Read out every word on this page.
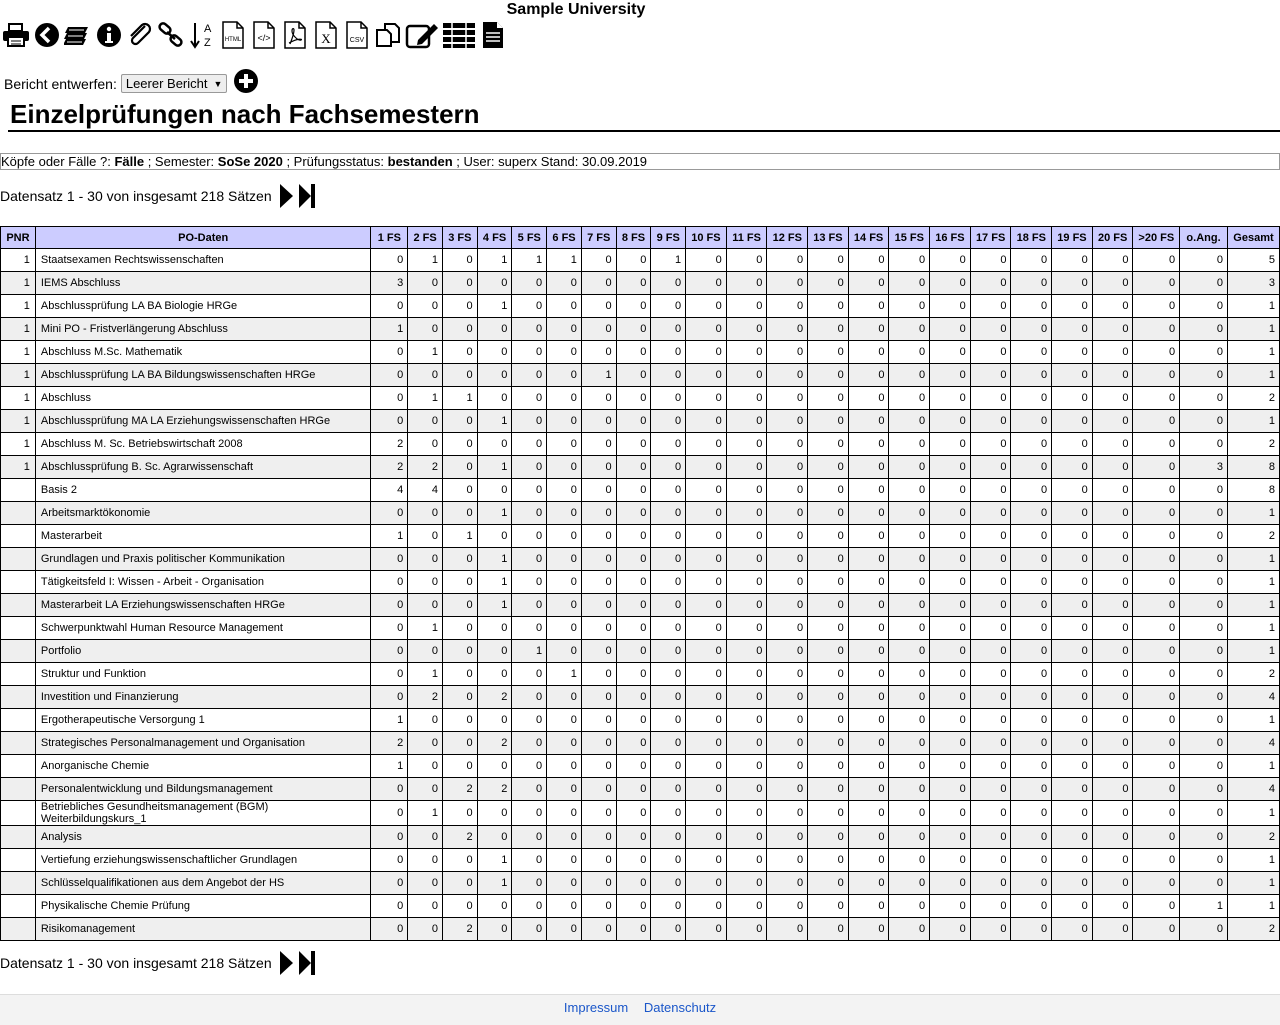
Sample University
A
Z HTML </>	X	CSV
Bericht entwerfen: Leerer Bericht ▼
Einzelprüfungen nach Fachsemestern
Köpfe oder Fälle ?: Fälle ; Semester: SoSe 2020 ; Prüfungsstatus: bestanden ; User: superx Stand: 30.09.2019
Datensatz 1 - 30 von insgesamt 218 Sätzen
PNR	PO-Daten	1 FS	2 FS	3 FS	4 FS	5 FS	6 FS	7 FS	8 FS	9 FS	10 FS	11 FS	12 FS	13 FS	14 FS	15 FS	16 FS	17 FS	18 FS	19 FS	20 FS	>20 FS	o.Ang.	Gesamt
1	Staatsexamen Rechtswissenschaften	0	1	0	1	1	1	0	0	1	0	0	0	0	0	0	0	0	0	0	0	0	0	5
1	IEMS Abschluss	3	0	0	0	0	0	0	0	0	0	0	0	0	0	0	0	0	0	0	0	0	0	3
1	Abschlussprüfung LA BA Biologie HRGe	0	0	0	1	0	0	0	0	0	0	0	0	0	0	0	0	0	0	0	0	0	0	1
1	Mini PO - Fristverlängerung Abschluss	1	0	0	0	0	0	0	0	0	0	0	0	0	0	0	0	0	0	0	0	0	0	1
1	Abschluss M.Sc. Mathematik	0	1	0	0	0	0	0	0	0	0	0	0	0	0	0	0	0	0	0	0	0	0	1
1	Abschlussprüfung LA BA Bildungswissenschaften HRGe	0	0	0	0	0	0	1	0	0	0	0	0	0	0	0	0	0	0	0	0	0	0	1
1	Abschluss	0	1	1	0	0	0	0	0	0	0	0	0	0	0	0	0	0	0	0	0	0	0	2
1	Abschlussprüfung MA LA Erziehungswissenschaften HRGe	0	0	0	1	0	0	0	0	0	0	0	0	0	0	0	0	0	0	0	0	0	0	1
1	Abschluss M. Sc. Betriebswirtschaft 2008	2	0	0	0	0	0	0	0	0	0	0	0	0	0	0	0	0	0	0	0	0	0	2
1	Abschlussprüfung B. Sc. Agrarwissenschaft	2	2	0	1	0	0	0	0	0	0	0	0	0	0	0	0	0	0	0	0	0	3	8
	Basis 2	4	4	0	0	0	0	0	0	0	0	0	0	0	0	0	0	0	0	0	0	0	0	8
	Arbeitsmarktökonomie	0	0	0	1	0	0	0	0	0	0	0	0	0	0	0	0	0	0	0	0	0	0	1
	Masterarbeit	1	0	1	0	0	0	0	0	0	0	0	0	0	0	0	0	0	0	0	0	0	0	2
	Grundlagen und Praxis politischer Kommunikation	0	0	0	1	0	0	0	0	0	0	0	0	0	0	0	0	0	0	0	0	0	0	1
	Tätigkeitsfeld I: Wissen - Arbeit - Organisation	0	0	0	1	0	0	0	0	0	0	0	0	0	0	0	0	0	0	0	0	0	0	1
	Masterarbeit LA Erziehungswissenschaften HRGe	0	0	0	1	0	0	0	0	0	0	0	0	0	0	0	0	0	0	0	0	0	0	1
	Schwerpunktwahl Human Resource Management	0	1	0	0	0	0	0	0	0	0	0	0	0	0	0	0	0	0	0	0	0	0	1
	Portfolio	0	0	0	0	1	0	0	0	0	0	0	0	0	0	0	0	0	0	0	0	0	0	1
	Struktur und Funktion	0	1	0	0	0	1	0	0	0	0	0	0	0	0	0	0	0	0	0	0	0	0	2
	Investition und Finanzierung	0	2	0	2	0	0	0	0	0	0	0	0	0	0	0	0	0	0	0	0	0	0	4
	Ergotherapeutische Versorgung 1	1	0	0	0	0	0	0	0	0	0	0	0	0	0	0	0	0	0	0	0	0	0	1
	Strategisches Personalmanagement und Organisation	2	0	0	2	0	0	0	0	0	0	0	0	0	0	0	0	0	0	0	0	0	0	4
	Anorganische Chemie	1	0	0	0	0	0	0	0	0	0	0	0	0	0	0	0	0	0	0	0	0	0	1
	Personalentwicklung und Bildungsmanagement	0	0	2	2	0	0	0	0	0	0	0	0	0	0	0	0	0	0	0	0	0	0	4
	Betriebliches Gesundheitsmanagement (BGM) Weiterbildungskurs_1	0	1	0	0	0	0	0	0	0	0	0	0	0	0	0	0	0	0	0	0	0	0	1
	Analysis	0	0	2	0	0	0	0	0	0	0	0	0	0	0	0	0	0	0	0	0	0	0	2
	Vertiefung erziehungswissenschaftlicher Grundlagen	0	0	0	1	0	0	0	0	0	0	0	0	0	0	0	0	0	0	0	0	0	0	1
	Schlüsselqualifikationen aus dem Angebot der HS	0	0	0	1	0	0	0	0	0	0	0	0	0	0	0	0	0	0	0	0	0	0	1
	Physikalische Chemie Prüfung	0	0	0	0	0	0	0	0	0	0	0	0	0	0	0	0	0	0	0	0	0	1	1
	Risikomanagement	0	0	2	0	0	0	0	0	0	0	0	0	0	0	0	0	0	0	0	0	0	0	2
Datensatz 1 - 30 von insgesamt 218 Sätzen
Impressum Datenschutz
